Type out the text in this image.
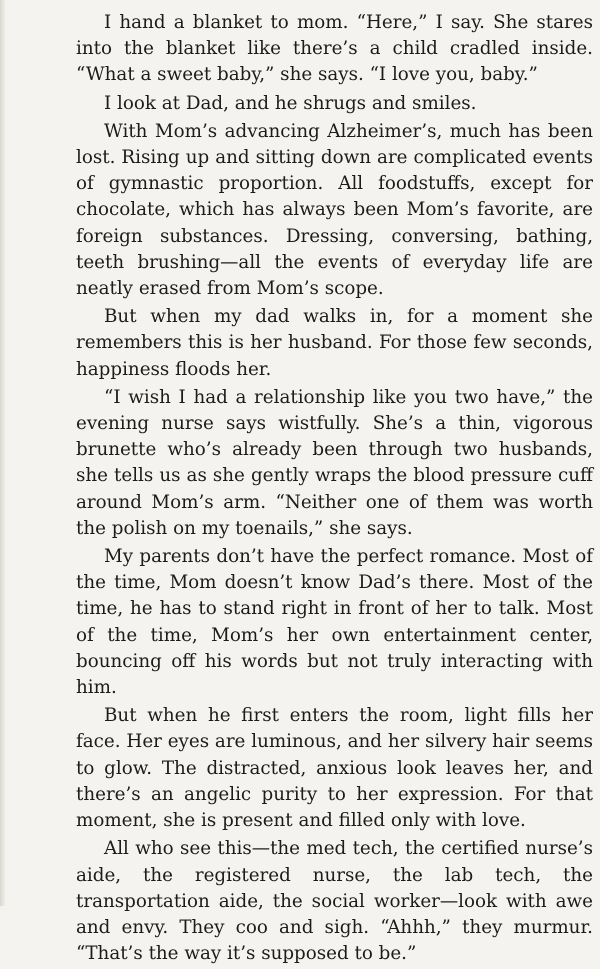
I hand a blanket to mom. “Here,” I say. She stares into the blanket like there’s a child cradled inside. “What a sweet baby,” she says. “I love you, baby.”

I look at Dad, and he shrugs and smiles.

With Mom’s advancing Alzheimer’s, much has been lost. Rising up and sitting down are complicated events of gymnastic proportion. All foodstuffs, except for chocolate, which has always been Mom’s favorite, are foreign substances. Dressing, conversing, bathing, teeth brushing—all the events of everyday life are neatly erased from Mom’s scope.

But when my dad walks in, for a moment she remembers this is her husband. For those few seconds, happiness floods her.

“I wish I had a relationship like you two have,” the evening nurse says wistfully. She’s a thin, vigorous brunette who’s already been through two husbands, she tells us as she gently wraps the blood pressure cuff around Mom’s arm. “Neither one of them was worth the polish on my toenails,” she says.

My parents don’t have the perfect romance. Most of the time, Mom doesn’t know Dad’s there. Most of the time, he has to stand right in front of her to talk. Most of the time, Mom’s her own entertainment center, bouncing off his words but not truly interacting with him.

But when he first enters the room, light fills her face. Her eyes are luminous, and her silvery hair seems to glow. The distracted, anxious look leaves her, and there’s an angelic purity to her expression. For that moment, she is present and filled only with love.

All who see this—the med tech, the certified nurse’s aide, the registered nurse, the lab tech, the transportation aide, the social worker—look with awe and envy. They coo and sigh. “Ahhh,” they murmur. “That’s the way it’s supposed to be.”
